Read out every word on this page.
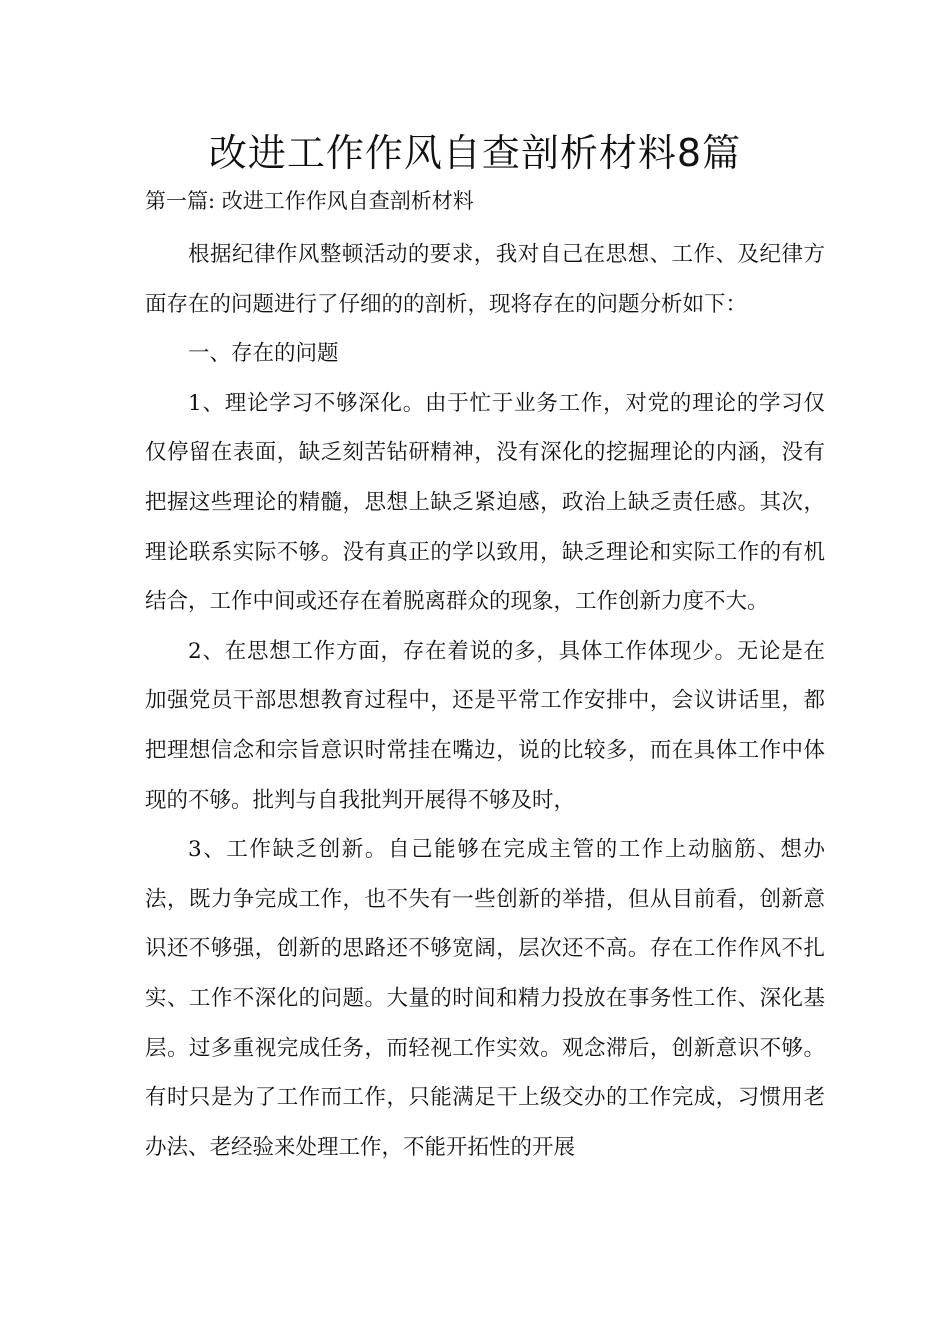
改进工作作风自查剖析材料8篇
第一篇: 改进工作作风自查剖析材料

根据纪律作风整顿活动的要求，我对自己在思想、工作、及纪律方面存在的问题进行了仔细的的剖析，现将存在的问题分析如下：

一、存在的问题

1、理论学习不够深化。由于忙于业务工作，对党的理论的学习仅仅停留在表面，缺乏刻苦钻研精神，没有深化的挖掘理论的内涵，没有把握这些理论的精髓，思想上缺乏紧迫感，政治上缺乏责任感。其次，理论联系实际不够。没有真正的学以致用，缺乏理论和实际工作的有机结合，工作中间或还存在着脱离群众的现象，工作创新力度不大。

2、在思想工作方面，存在着说的多，具体工作体现少。无论是在加强党员干部思想教育过程中，还是平常工作安排中，会议讲话里，都把理想信念和宗旨意识时常挂在嘴边，说的比较多，而在具体工作中体现的不够。批判与自我批判开展得不够及时，

3、工作缺乏创新。自己能够在完成主管的工作上动脑筋、想办法，既力争完成工作，也不失有一些创新的举措，但从目前看，创新意识还不够强，创新的思路还不够宽阔，层次还不高。存在工作作风不扎实、工作不深化的问题。大量的时间和精力投放在事务性工作、深化基层。过多重视完成任务，而轻视工作实效。观念滞后，创新意识不够。有时只是为了工作而工作，只能满足干上级交办的工作完成，习惯用老办法、老经验来处理工作，不能开拓性的开展
